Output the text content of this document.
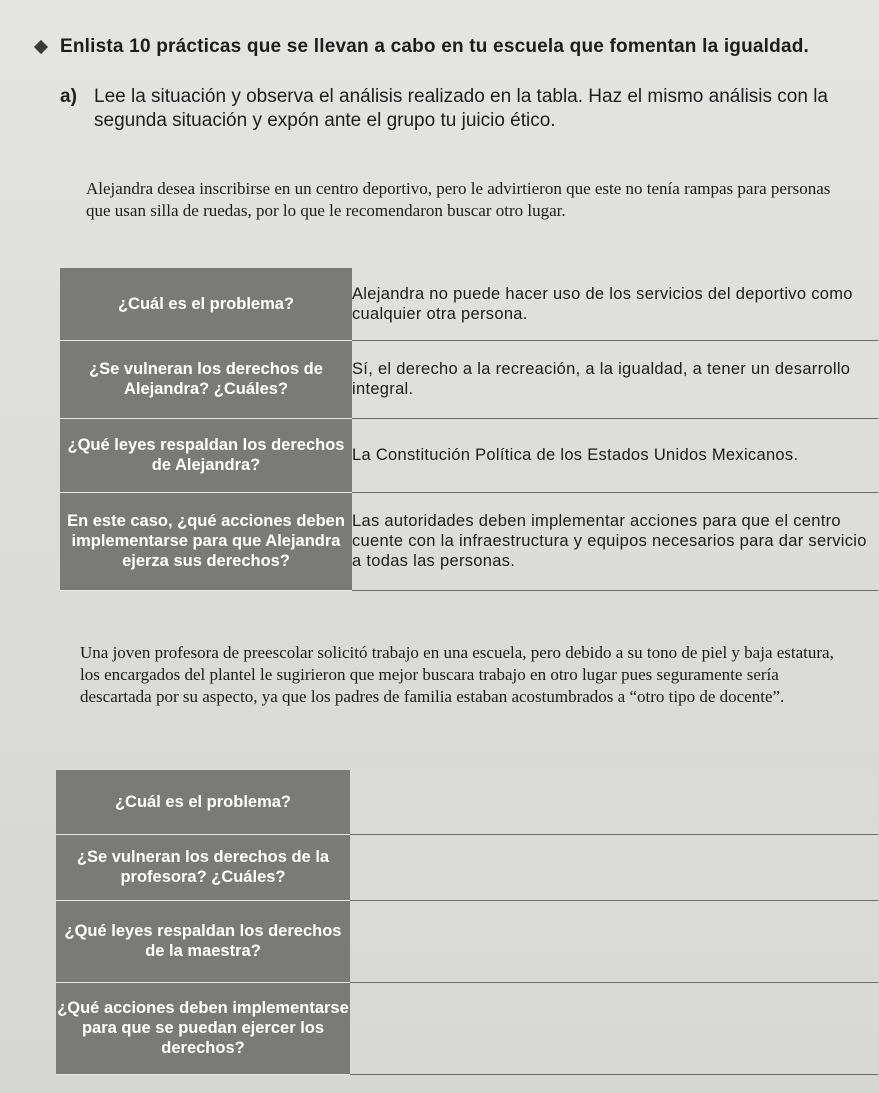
Enlista 10 prácticas que se llevan a cabo en tu escuela que fomentan la igualdad.
a) Lee la situación y observa el análisis realizado en la tabla. Haz el mismo análisis con la segunda situación y expón ante el grupo tu juicio ético.
Alejandra desea inscribirse en un centro deportivo, pero le advirtieron que este no tenía rampas para personas que usan silla de ruedas, por lo que le recomendaron buscar otro lugar.
¿Cuál es el problema?	Alejandra no puede hacer uso de los servicios del deportivo como cualquier otra persona.
¿Se vulneran los derechos de Alejandra? ¿Cuáles?	Sí, el derecho a la recreación, a la igualdad, a tener un desarrollo integral.
¿Qué leyes respaldan los derechos de Alejandra?	La Constitución Política de los Estados Unidos Mexicanos.
En este caso, ¿qué acciones deben implementarse para que Alejandra ejerza sus derechos?	Las autoridades deben implementar acciones para que el centro cuente con la infraestructura y equipos necesarios para dar servicio a todas las personas.
Una joven profesora de preescolar solicitó trabajo en una escuela, pero debido a su tono de piel y baja estatura, los encargados del plantel le sugirieron que mejor buscara trabajo en otro lugar pues seguramente sería descartada por su aspecto, ya que los padres de familia estaban acostumbrados a “otro tipo de docente”.
¿Cuál es el problema?	
¿Se vulneran los derechos de la profesora? ¿Cuáles?	
¿Qué leyes respaldan los derechos de la maestra?	
¿Qué acciones deben implementarse para que se puedan ejercer los derechos?	
